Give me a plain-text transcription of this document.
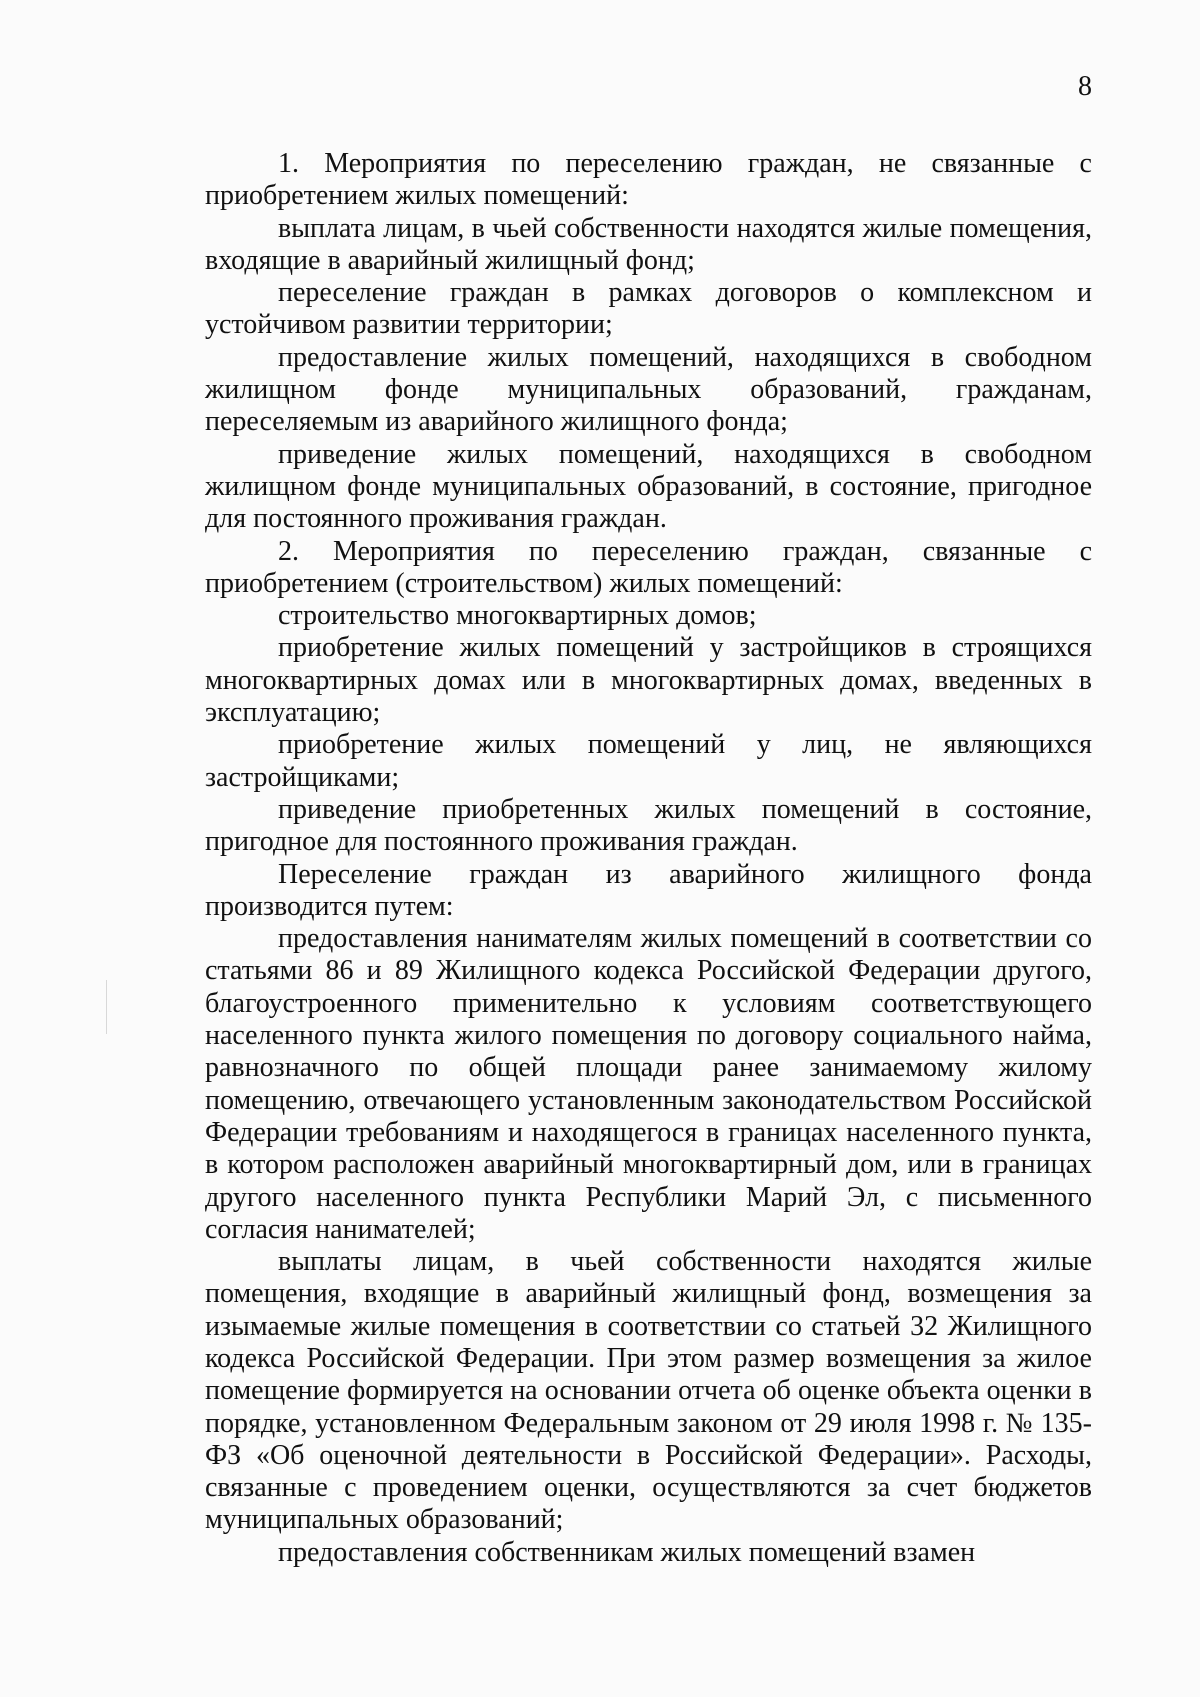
8

1. Мероприятия по переселению граждан, не связанные с приобретением жилых помещений:

выплата лицам, в чьей собственности находятся жилые помещения, входящие в аварийный жилищный фонд;

переселение граждан в рамках договоров о комплексном и устойчивом развитии территории;

предоставление жилых помещений, находящихся в свободном жилищном фонде муниципальных образований, гражданам, переселяемым из аварийного жилищного фонда;

приведение жилых помещений, находящихся в свободном жилищном фонде муниципальных образований, в состояние, пригодное для постоянного проживания граждан.

2. Мероприятия по переселению граждан, связанные с приобретением (строительством) жилых помещений:

строительство многоквартирных домов;

приобретение жилых помещений у застройщиков в строящихся многоквартирных домах или в многоквартирных домах, введенных в эксплуатацию;

приобретение жилых помещений у лиц, не являющихся застройщиками;

приведение приобретенных жилых помещений в состояние, пригодное для постоянного проживания граждан.

Переселение граждан из аварийного жилищного фонда производится путем:

предоставления нанимателям жилых помещений в соответствии со статьями 86 и 89 Жилищного кодекса Российской Федерации другого, благоустроенного применительно к условиям соответствующего населенного пункта жилого помещения по договору социального найма, равнозначного по общей площади ранее занимаемому жилому помещению, отвечающего установленным законодательством Российской Федерации требованиям и находящегося в границах населенного пункта, в котором расположен аварийный многоквартирный дом, или в границах другого населенного пункта Республики Марий Эл, с письменного согласия нанимателей;

выплаты лицам, в чьей собственности находятся жилые помещения, входящие в аварийный жилищный фонд, возмещения за изымаемые жилые помещения в соответствии со статьей 32 Жилищного кодекса Российской Федерации. При этом размер возмещения за жилое помещение формируется на основании отчета об оценке объекта оценки в порядке, установленном Федеральным законом от 29 июля 1998 г. № 135-ФЗ «Об оценочной деятельности в Российской Федерации». Расходы, связанные с проведением оценки, осуществляются за счет бюджетов муниципальных образований;

предоставления собственникам жилых помещений взамен
